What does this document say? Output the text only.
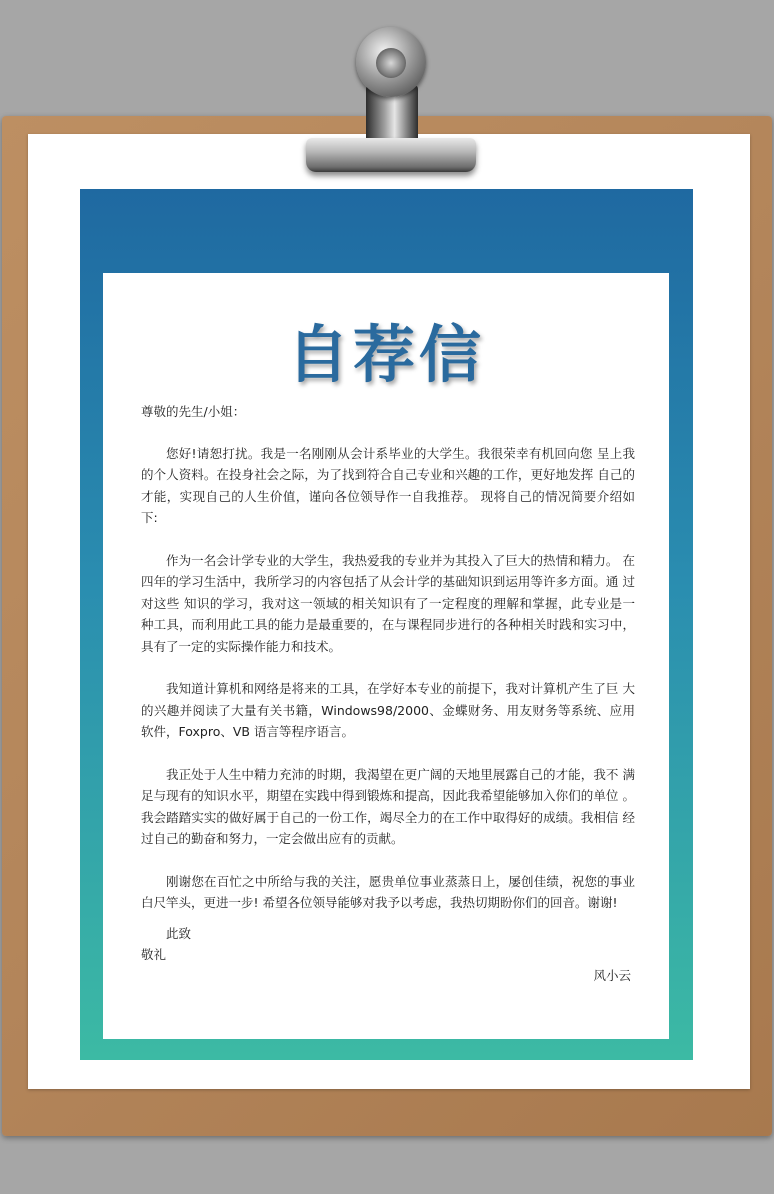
自荐信

尊敬的先生/小姐：

您好!请恕打扰。我是一名刚刚从会计系毕业的大学生。我很荣幸有机回向您 呈上我的个人资料。在投身社会之际，为了找到符合自己专业和兴趣的工作，更好地发挥 自己的才能，实现自己的人生价值，谨向各位领导作一自我推荐。 现将自己的情况简要介绍如下:

作为一名会计学专业的大学生，我热爱我的专业并为其投入了巨大的热情和精力。 在四年的学习生活中，我所学习的内容包括了从会计学的基础知识到运用等许多方面。通 过对这些 知识的学习，我对这一领域的相关知识有了一定程度的理解和掌握，此专业是一 种工具，而利用此工具的能力是最重要的，在与课程同步进行的各种相关时践和实习中， 具有了一定的实际操作能力和技术。

我知道计算机和网络是将来的工具，在学好本专业的前提下，我对计算机产生了巨 大的兴趣并阅读了大量有关书籍，Windows98/2000、金蝶财务、用友财务等系统、应用 软件，Foxpro、VB 语言等程序语言。

我正处于人生中精力充沛的时期，我渴望在更广阔的天地里展露自己的才能，我不 满足与现有的知识水平，期望在实践中得到锻炼和提高，因此我希望能够加入你们的单位 。我会踏踏实实的做好属于自己的一份工作，竭尽全力的在工作中取得好的成绩。我相信 经过自己的勤奋和努力，一定会做出应有的贡献。

刚谢您在百忙之中所给与我的关注，愿贵单位事业蒸蒸日上，屡创佳绩，祝您的事业 白尺竿头，更进一步! 希望各位领导能够对我予以考虑，我热切期盼你们的回音。谢谢!

此致
敬礼
风小云
